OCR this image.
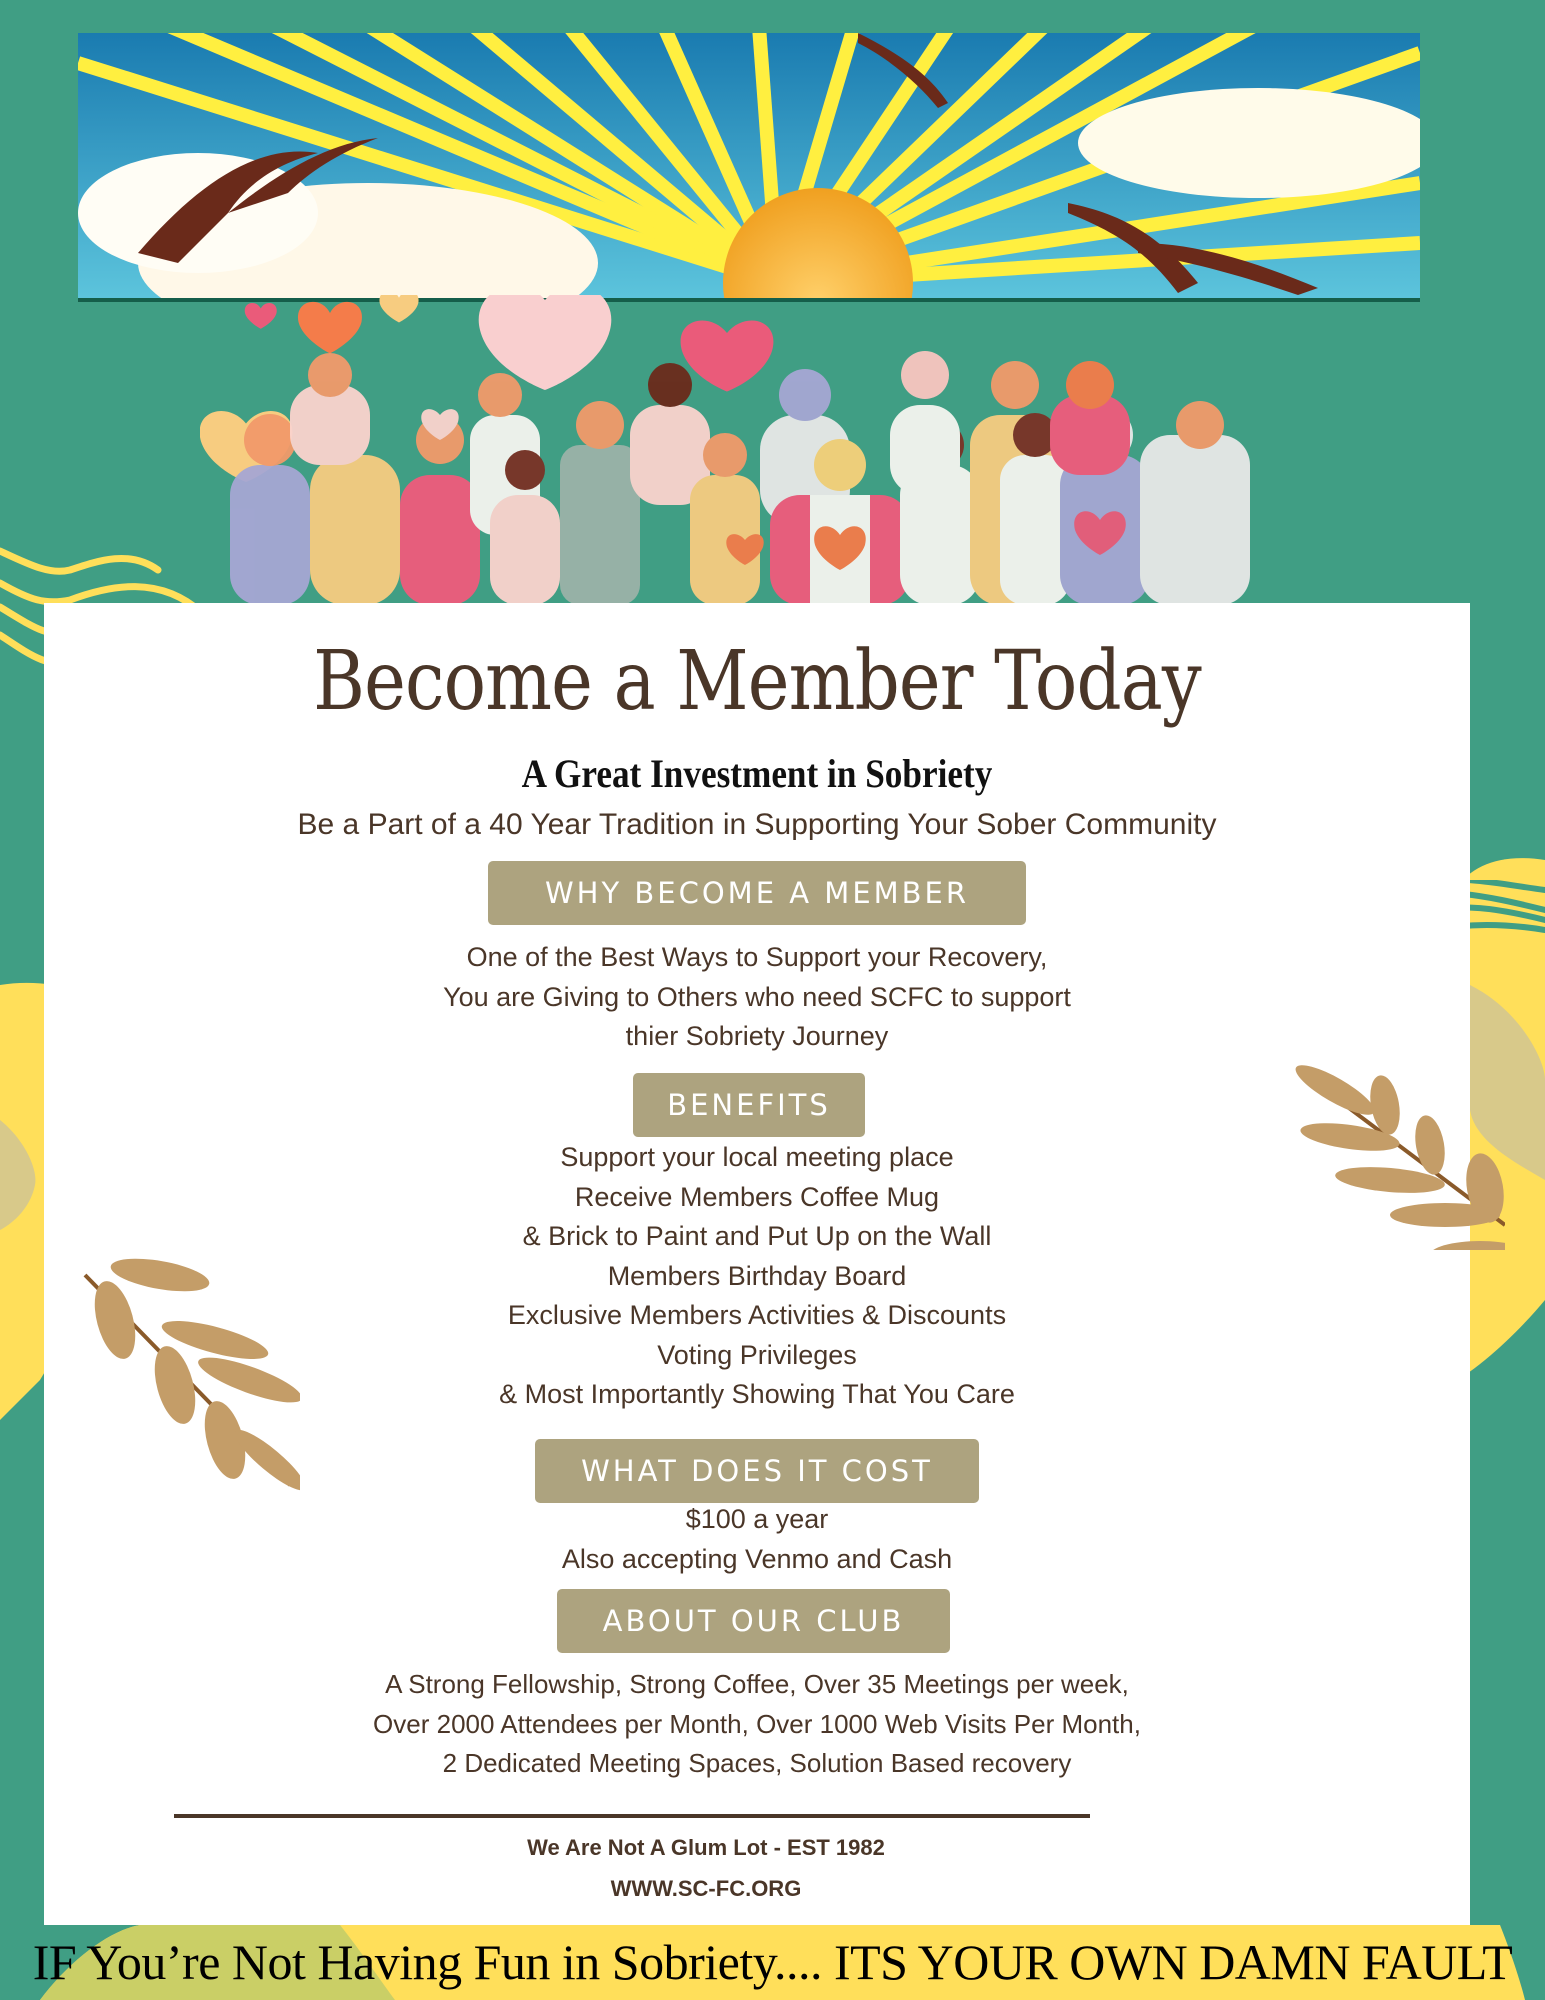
Become a Member Today
A Great Investment in Sobriety
Be a Part of a 40 Year Tradition in Supporting Your Sober Community
WHY BECOME A MEMBER
One of the Best Ways to Support your Recovery,
You are Giving to Others who need SCFC to support
thier Sobriety Journey
BENEFITS
Support your local meeting place
Receive Members Coffee Mug
& Brick to Paint and Put Up on the Wall
Members Birthday Board
Exclusive Members Activities & Discounts
Voting Privileges
& Most Importantly Showing That You Care
WHAT DOES IT COST
$100 a year
Also accepting Venmo and Cash
ABOUT OUR CLUB
A Strong Fellowship, Strong Coffee, Over 35 Meetings per week,
Over 2000 Attendees per Month, Over 1000 Web Visits Per Month,
2 Dedicated Meeting Spaces, Solution Based recovery
We Are Not A Glum Lot - EST 1982
WWW.SC-FC.ORG
IF You’re Not Having Fun in Sobriety.... ITS YOUR OWN DAMN FAULT
